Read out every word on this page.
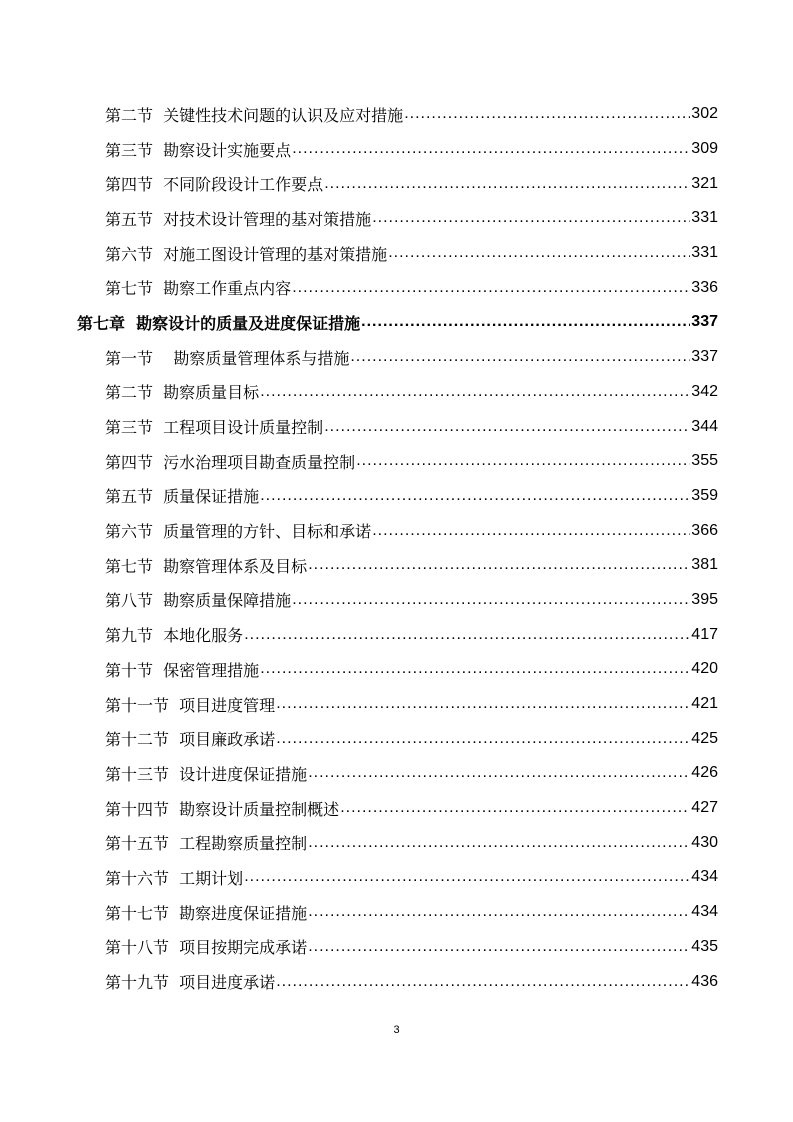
第二节  关键性技术问题的认识及应对措施 .....	302
第三节  勘察设计实施要点 .....	309
第四节  不同阶段设计工作要点 .....	321
第五节  对技术设计管理的基对策措施 .....	331
第六节  对施工图设计管理的基对策措施 .....	331
第七节  勘察工作重点内容 .....	336
第七章  勘察设计的质量及进度保证措施 .....	337
第一节    勘察质量管理体系与措施 .....	337
第二节  勘察质量目标 .....	342
第三节  工程项目设计质量控制 .....	344
第四节  污水治理项目勘查质量控制 .....	355
第五节  质量保证措施 .....	359
第六节  质量管理的方针、目标和承诺 .....	366
第七节  勘察管理体系及目标 .....	381
第八节  勘察质量保障措施 .....	395
第九节  本地化服务 .....	417
第十节  保密管理措施 .....	420
第十一节  项目进度管理 .....	421
第十二节  项目廉政承诺 .....	425
第十三节  设计进度保证措施 .....	426
第十四节  勘察设计质量控制概述 .....	427
第十五节  工程勘察质量控制 .....	430
第十六节  工期计划 .....	434
第十七节  勘察进度保证措施 .....	434
第十八节  项目按期完成承诺 .....	435
第十九节  项目进度承诺 .....	436
3
